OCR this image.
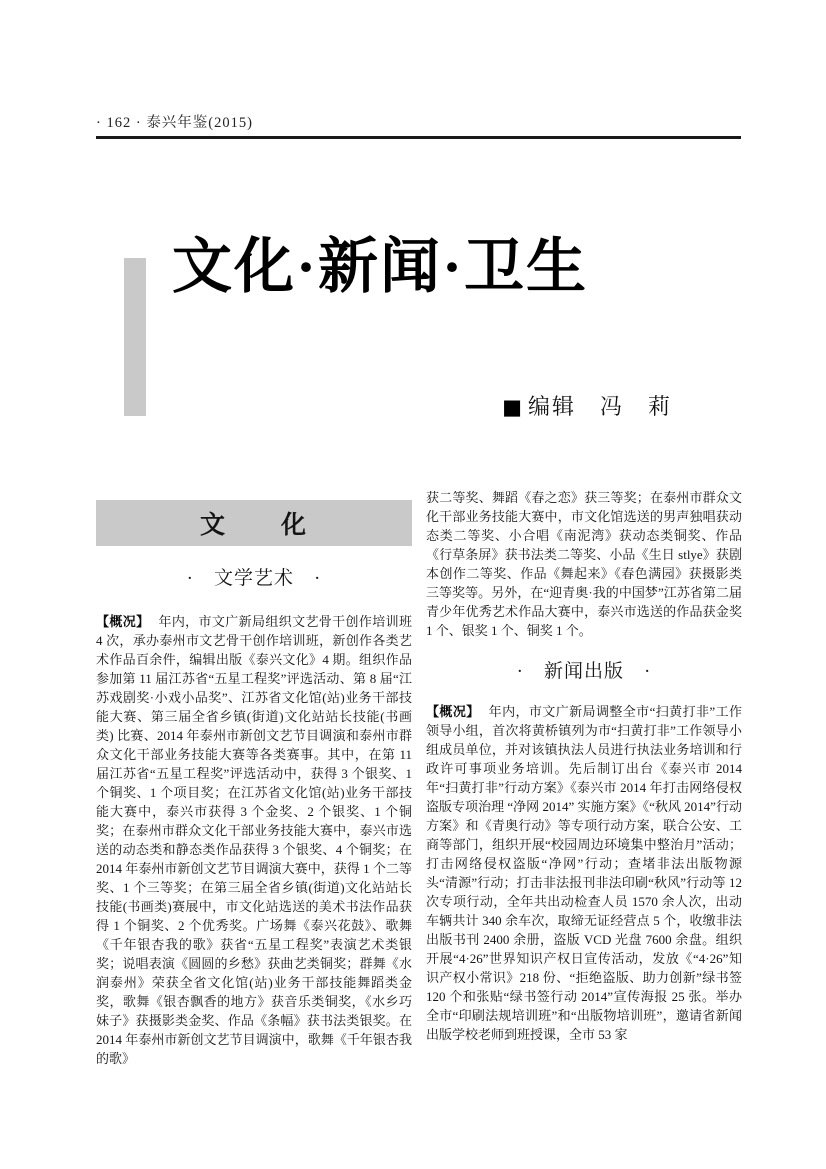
· 162 · 泰兴年鉴(2015)
文化·新闻·卫生
■ 编辑　冯　莉
文　　化
·　文学艺术　·

【概况】 年内，市文广新局组织文艺骨干创作培训班 4 次，承办泰州市文艺骨干创作培训班，新创作各类艺术作品百余件，编辑出版《泰兴文化》4 期。组织作品参加第 11 届江苏省“五星工程奖”评选活动、第 8 届“江苏戏剧奖·小戏小品奖”、江苏省文化馆(站)业务干部技能大赛、第三届全省乡镇(街道)文化站站长技能(书画类) 比赛、2014 年泰州市新创文艺节目调演和泰州市群众文化干部业务技能大赛等各类赛事。其中，在第 11 届江苏省“五星工程奖”评选活动中，获得 3 个银奖、1 个铜奖、1 个项目奖；在江苏省文化馆(站)业务干部技能大赛中，泰兴市获得 3 个金奖、2 个银奖、1 个铜奖；在泰州市群众文化干部业务技能大赛中，泰兴市选送的动态类和静态类作品获得 3 个银奖、4 个铜奖；在 2014 年泰州市新创文艺节目调演大赛中，获得 1 个二等奖、1 个三等奖；在第三届全省乡镇(街道)文化站站长技能(书画类)赛展中，市文化站选送的美术书法作品获得 1 个铜奖、2 个优秀奖。广场舞《泰兴花鼓》、歌舞《千年银杏我的歌》获省“五星工程奖”表演艺术类银奖；说唱表演《圆圆的乡愁》获曲艺类铜奖；群舞《水润泰州》荣获全省文化馆(站)业务干部技能舞蹈类金奖，歌舞《银杏飘香的地方》获音乐类铜奖，《水乡巧妹子》获摄影类金奖、作品《条幅》获书法类银奖。在 2014 年泰州市新创文艺节目调演中，歌舞《千年银杏我的歌》

获二等奖、舞蹈《春之恋》获三等奖；在泰州市群众文化干部业务技能大赛中，市文化馆选送的男声独唱获动态类二等奖、小合唱《南泥湾》获动态类铜奖、作品《行草条屏》获书法类二等奖、小品《生日 stlye》获剧本创作二等奖、作品《舞起来》《春色满园》获摄影类三等奖等。另外，在“迎青奥·我的中国梦”江苏省第二届青少年优秀艺术作品大赛中，泰兴市选送的作品获金奖 1 个、银奖 1 个、铜奖 1 个。

·　新闻出版　·

【概况】 年内，市文广新局调整全市“扫黄打非”工作领导小组，首次将黄桥镇列为市“扫黄打非”工作领导小组成员单位，并对该镇执法人员进行执法业务培训和行政许可事项业务培训。先后制订出台《泰兴市 2014 年“扫黄打非”行动方案》《泰兴市 2014 年打击网络侵权盗版专项治理 “净网 2014” 实施方案》《“秋风 2014”行动方案》和《青奥行动》等专项行动方案，联合公安、工商等部门，组织开展“校园周边环境集中整治月”活动；打击网络侵权盗版“净网”行动；查堵非法出版物源头“清源”行动；打击非法报刊非法印刷“秋风”行动等 12 次专项行动，全年共出动检查人员 1570 余人次，出动车辆共计 340 余车次，取缔无证经营点 5 个，收缴非法出版书刊 2400 余册，盗版 VCD 光盘 7600 余盘。组织开展“4·26”世界知识产权日宣传活动，发放《“4·26”知识产权小常识》218 份、“拒绝盗版、助力创新”绿书签 120 个和张贴“绿书签行动 2014”宣传海报 25 张。举办全市“印刷法规培训班”和“出版物培训班”，邀请省新闻出版学校老师到班授课，全市 53 家
